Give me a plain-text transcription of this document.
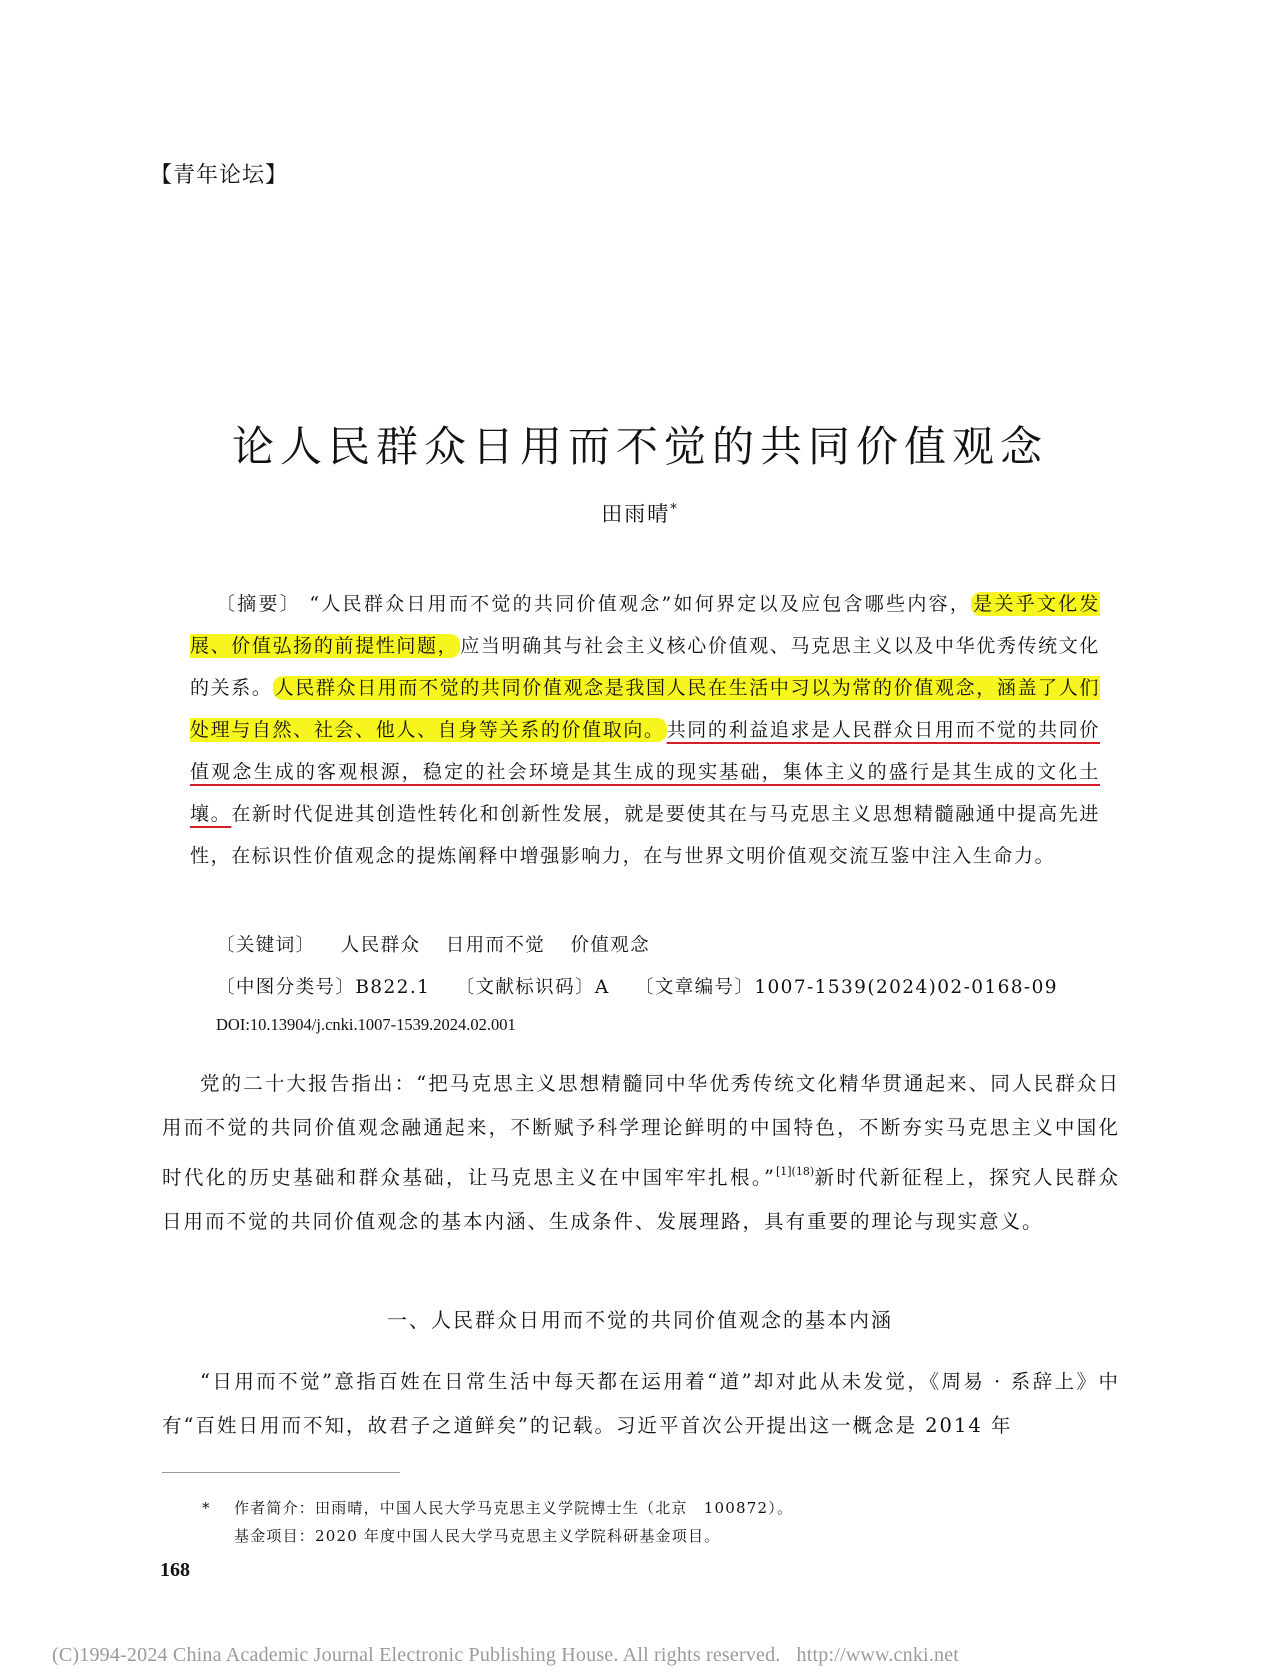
【青年论坛】
论人民群众日用而不觉的共同价值观念
田雨晴*
〔摘要〕 “人民群众日用而不觉的共同价值观念”如何界定以及应包含哪些内容， 是关乎文化发展、价值弘扬的前提性问题， 应当明确其与社会主义核心价值观、马克思主义以及中华优秀传统文化的关系。 人民群众日用而不觉的共同价值观念是我国人民在生活中习以为常的价值观念，涵盖了人们处理与自然、社会、他人、自身等关系的价值取向。 共同的利益追求是人民群众日用而不觉的共同价值观念生成的客观根源，稳定的社会环境是其生成的现实基础，集体主义的盛行是其生成的文化土壤。在新时代促进其创造性转化和创新性发展，就是要使其在与马克思主义思想精髓融通中提高先进性，在标识性价值观念的提炼阐释中增强影响力，在与世界文明价值观交流互鉴中注入生命力。
〔关键词〕 人民群众 日用而不觉 价值观念
〔中图分类号〕B822.1 〔文献标识码〕A 〔文章编号〕1007-1539(2024)02-0168-09
DOI:10.13904/j.cnki.1007-1539.2024.02.001

党的二十大报告指出：“把马克思主义思想精髓同中华优秀传统文化精华贯通起来、同人民群众日用而不觉的共同价值观念融通起来，不断赋予科学理论鲜明的中国特色，不断夯实马克思主义中国化时代化的历史基础和群众基础，让马克思主义在中国牢牢扎根。”$^{[1](18)}$新时代新征程上，探究人民群众日用而不觉的共同价值观念的基本内涵、生成条件、发展理路，具有重要的理论与现实意义。

一、人民群众日用而不觉的共同价值观念的基本内涵

“日用而不觉”意指百姓在日常生活中每天都在运用着“道”却对此从未发觉，《周易 · 系辞上》中有“百姓日用而不知，故君子之道鲜矣”的记载。习近平首次公开提出这一概念是 2014 年

* 作者简介：田雨晴，中国人民大学马克思主义学院博士生（北京　100872）。
基金项目：2020 年度中国人民大学马克思主义学院科研基金项目。
168
(C)1994-2024 China Academic Journal Electronic Publishing House. All rights reserved. http://www.cnki.net
